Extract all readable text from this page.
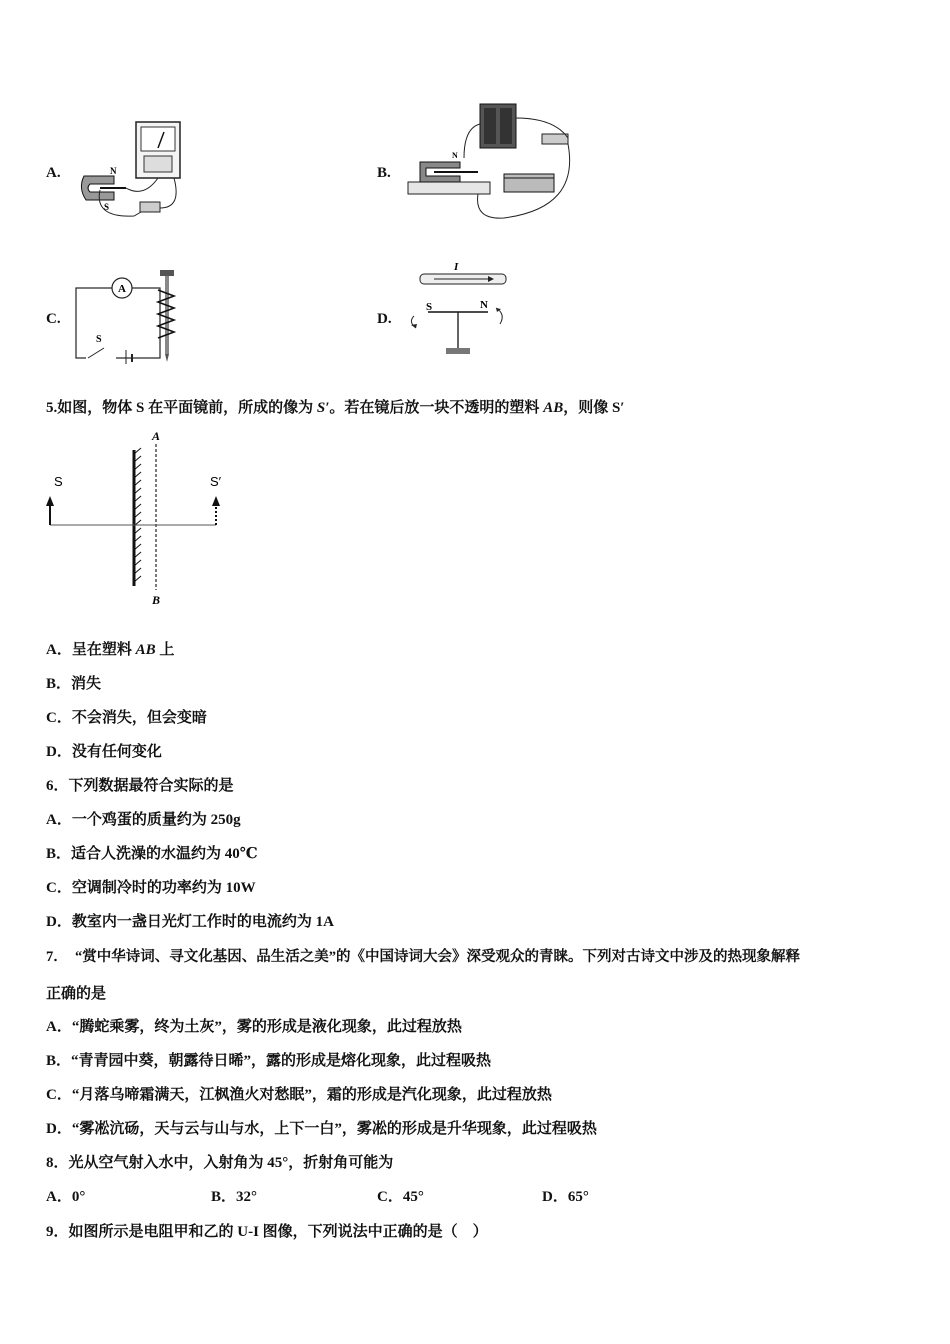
A.	N
S
B.
N
C.
A
S
D.
I
S	N
5.如图，物体 S 在平面镜前，所成的像为 S′。若在镜后放一块不透明的塑料 AB，则像 S′
A
B
S	S′
A．呈在塑料 AB 上
B．消失
C．不会消失，但会变暗
D．没有任何变化
6．下列数据最符合实际的是
A．一个鸡蛋的质量约为 250g
B．适合人洗澡的水温约为 40℃
C．空调制冷时的功率约为 10W
D．教室内一盏日光灯工作时的电流约为 1A
7．　“赏中华诗词、寻文化基因、品生活之美”的《中国诗词大会》深受观众的青睐。下列对古诗文中涉及的热现象解释
正确的是
A．“腾蛇乘雾，终为土灰”，雾的形成是液化现象，此过程放热
B．“青青园中葵，朝露待日晞”，露的形成是熔化现象，此过程吸热
C．“月落乌啼霜满天，江枫渔火对愁眠”，霜的形成是汽化现象，此过程放热
D．“雾凇沆砀，天与云与山与水，上下一白”，雾凇的形成是升华现象，此过程吸热
8．光从空气射入水中，入射角为 45°，折射角可能为
A．0°	B．32°	C．45°	D．65°
9．如图所示是电阻甲和乙的 U-I 图像，下列说法中正确的是（　）
